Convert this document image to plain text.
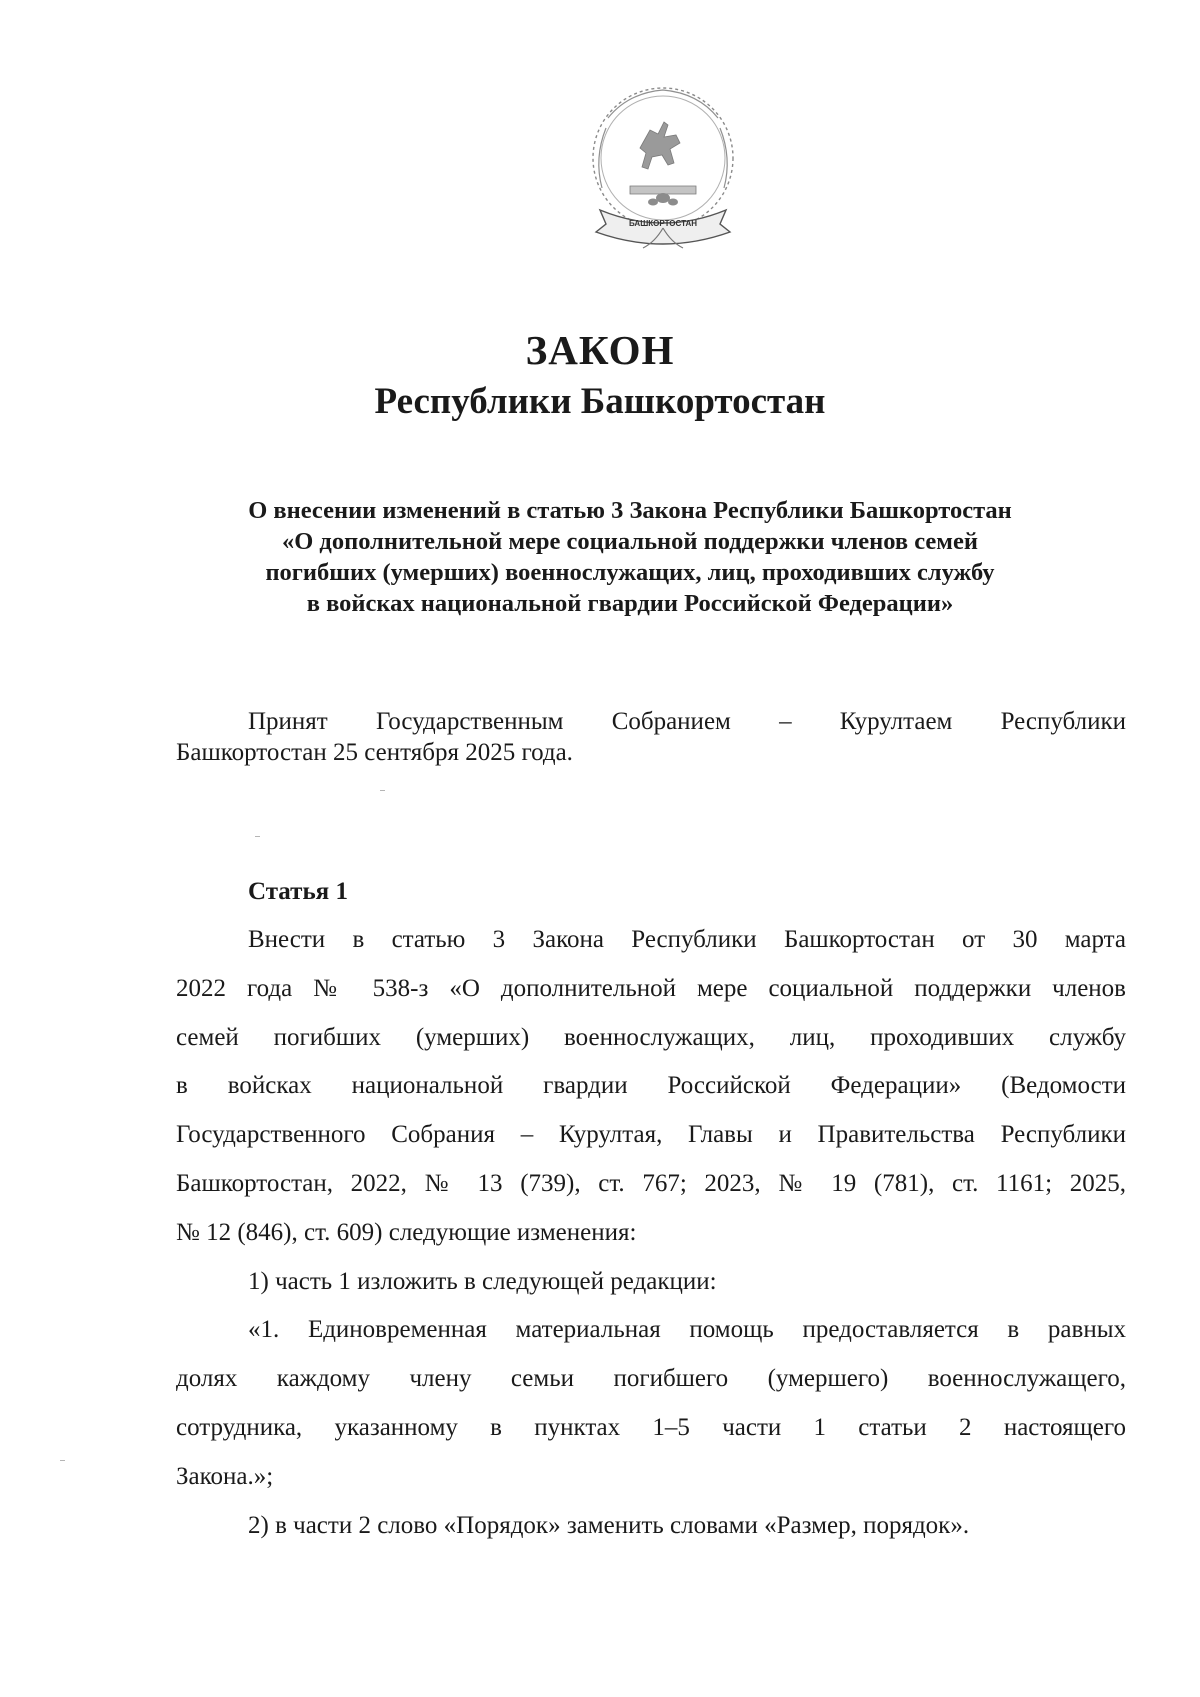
БАШКОРТОСТАН
ЗАКОН
Республики Башкортостан
О внесении изменений в статью 3 Закона Республики Башкортостан
«О дополнительной мере социальной поддержки членов семей
погибших (умерших) военнослужащих, лиц, проходивших службу
в войсках национальной гвардии Российской Федерации»
Принят Государственным Собранием – Курултаем Республики
Башкортостан 25 сентября 2025 года.
Статья 1
Внести в статью 3 Закона Республики Башкортостан от 30 марта
2022 года № 538-з «О дополнительной мере социальной поддержки членов
семей погибших (умерших) военнослужащих, лиц, проходивших службу
в войсках национальной гвардии Российской Федерации» (Ведомости
Государственного Собрания – Курултая, Главы и Правительства Республики
Башкортостан, 2022, № 13 (739), ст. 767; 2023, № 19 (781), ст. 1161; 2025,
№ 12 (846), ст. 609) следующие изменения:
1) часть 1 изложить в следующей редакции:
«1. Единовременная материальная помощь предоставляется в равных
долях каждому члену семьи погибшего (умершего) военнослужащего,
сотрудника, указанному в пунктах 1–5 части 1 статьи 2 настоящего
Закона.»;
2) в части 2 слово «Порядок» заменить словами «Размер, порядок».
